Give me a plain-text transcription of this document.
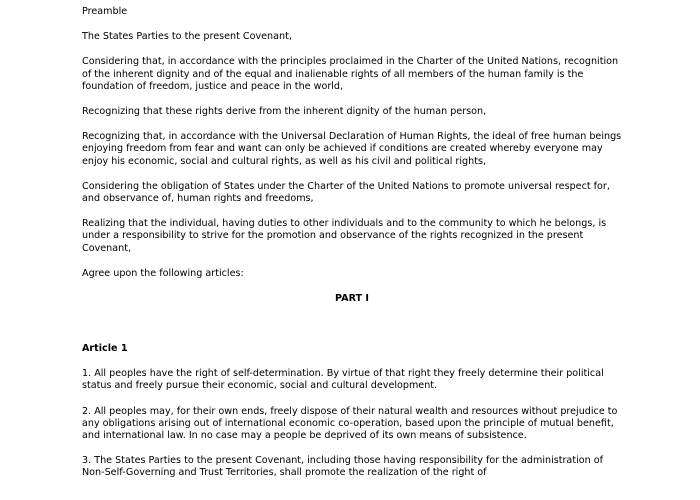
Preamble

The States Parties to the present Covenant,

Considering that, in accordance with the principles proclaimed in the Charter of the United Nations, recognition of the inherent dignity and of the equal and inalienable rights of all members of the human family is the foundation of freedom, justice and peace in the world,

Recognizing that these rights derive from the inherent dignity of the human person,

Recognizing that, in accordance with the Universal Declaration of Human Rights, the ideal of free human beings enjoying freedom from fear and want can only be achieved if conditions are created whereby everyone may enjoy his economic, social and cultural rights, as well as his civil and political rights,

Considering the obligation of States under the Charter of the United Nations to promote universal respect for, and observance of, human rights and freedoms,

Realizing that the individual, having duties to other individuals and to the community to which he belongs, is under a responsibility to strive for the promotion and observance of the rights recognized in the present Covenant,

Agree upon the following articles:

PART I
Article 1

1. All peoples have the right of self-determination. By virtue of that right they freely determine their political status and freely pursue their economic, social and cultural development.

2. All peoples may, for their own ends, freely dispose of their natural wealth and resources without prejudice to any obligations arising out of international economic co-operation, based upon the principle of mutual benefit, and international law. In no case may a people be deprived of its own means of subsistence.

3. The States Parties to the present Covenant, including those having responsibility for the administration of Non-Self-Governing and Trust Territories, shall promote the realization of the right of
